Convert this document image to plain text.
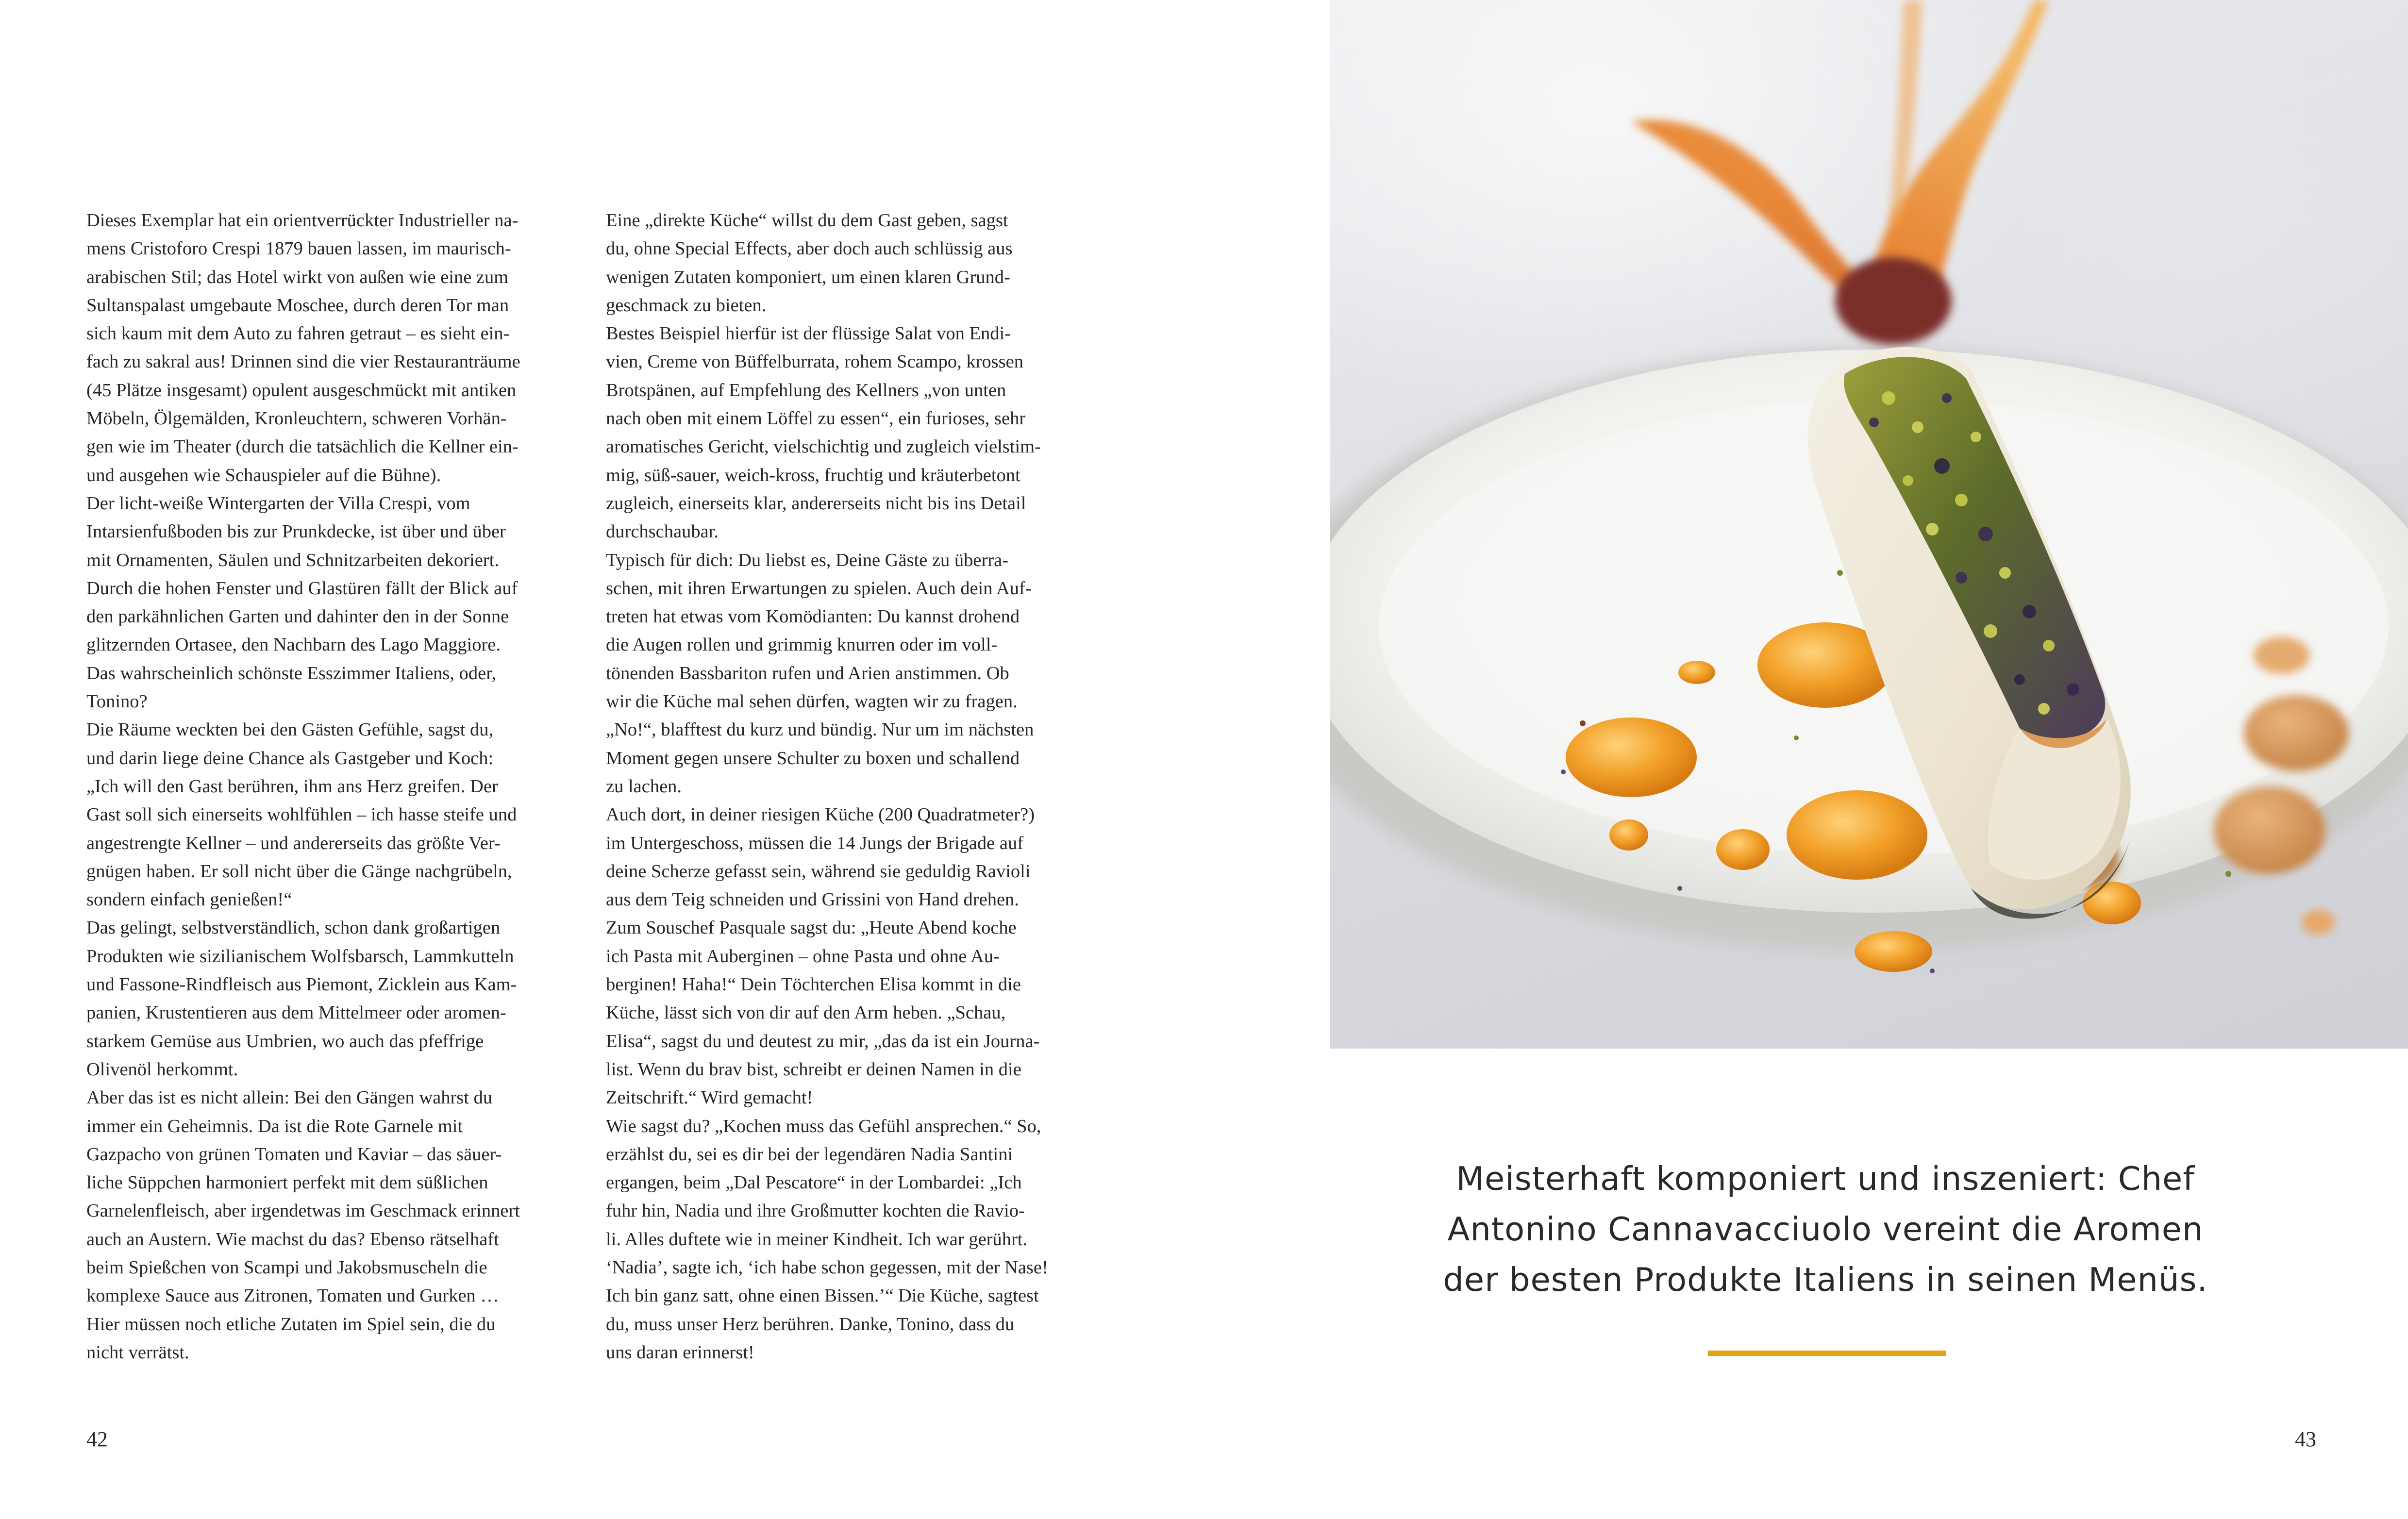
Dieses Exemplar hat ein orientverrückter Industrieller na-
mens Cristoforo Crespi 1879 bauen lassen, im maurisch-
arabischen Stil; das Hotel wirkt von außen wie eine zum
Sultanspalast umgebaute Moschee, durch deren Tor man
sich kaum mit dem Auto zu fahren getraut – es sieht ein-
fach zu sakral aus! Drinnen sind die vier Restauranträume
(45 Plätze insgesamt) opulent ausgeschmückt mit antiken
Möbeln, Ölgemälden, Kronleuchtern, schweren Vorhän-
gen wie im Theater (durch die tatsächlich die Kellner ein-
und ausgehen wie Schauspieler auf die Bühne).
Der licht-weiße Wintergarten der Villa Crespi, vom
Intarsienfußboden bis zur Prunkdecke, ist über und über
mit Ornamenten, Säulen und Schnitzarbeiten dekoriert.
Durch die hohen Fenster und Glastüren fällt der Blick auf
den parkähnlichen Garten und dahinter den in der Sonne
glitzernden Ortasee, den Nachbarn des Lago Maggiore.
Das wahrscheinlich schönste Esszimmer Italiens, oder,
Tonino?
Die Räume weckten bei den Gästen Gefühle, sagst du,
und darin liege deine Chance als Gastgeber und Koch:
„Ich will den Gast berühren, ihm ans Herz greifen. Der
Gast soll sich einerseits wohlfühlen – ich hasse steife und
angestrengte Kellner – und andererseits das größte Ver-
gnügen haben. Er soll nicht über die Gänge nachgrübeln,
sondern einfach genießen!“
Das gelingt, selbstverständlich, schon dank großartigen
Produkten wie sizilianischem Wolfsbarsch, Lammkutteln
und Fassone-Rindfleisch aus Piemont, Zicklein aus Kam-
panien, Krustentieren aus dem Mittelmeer oder aromen-
starkem Gemüse aus Umbrien, wo auch das pfeffrige
Olivenöl herkommt.
Aber das ist es nicht allein: Bei den Gängen wahrst du
immer ein Geheimnis. Da ist die Rote Garnele mit
Gazpacho von grünen Tomaten und Kaviar – das säuer-
liche Süppchen harmoniert perfekt mit dem süßlichen
Garnelenfleisch, aber irgendetwas im Geschmack erinnert
auch an Austern. Wie machst du das? Ebenso rätselhaft
beim Spießchen von Scampi und Jakobsmuscheln die
komplexe Sauce aus Zitronen, Tomaten und Gurken …
Hier müssen noch etliche Zutaten im Spiel sein, die du
nicht verrätst.
Eine „direkte Küche“ willst du dem Gast geben, sagst
du, ohne Special Effects, aber doch auch schlüssig aus
wenigen Zutaten komponiert, um einen klaren Grund-
geschmack zu bieten.
Bestes Beispiel hierfür ist der flüssige Salat von Endi-
vien, Creme von Büffelburrata, rohem Scampo, krossen
Brotspänen, auf Empfehlung des Kellners „von unten
nach oben mit einem Löffel zu essen“, ein furioses, sehr
aromatisches Gericht, vielschichtig und zugleich vielstim-
mig, süß-sauer, weich-kross, fruchtig und kräuterbetont
zugleich, einerseits klar, andererseits nicht bis ins Detail
durchschaubar.
Typisch für dich: Du liebst es, Deine Gäste zu überra-
schen, mit ihren Erwartungen zu spielen. Auch dein Auf-
treten hat etwas vom Komödianten: Du kannst drohend
die Augen rollen und grimmig knurren oder im voll-
tönenden Bassbariton rufen und Arien anstimmen. Ob
wir die Küche mal sehen dürfen, wagten wir zu fragen.
„No!“, blafftest du kurz und bündig. Nur um im nächsten
Moment gegen unsere Schulter zu boxen und schallend
zu lachen.
Auch dort, in deiner riesigen Küche (200 Quadratmeter?)
im Untergeschoss, müssen die 14 Jungs der Brigade auf
deine Scherze gefasst sein, während sie geduldig Ravioli
aus dem Teig schneiden und Grissini von Hand drehen.
Zum Souschef Pasquale sagst du: „Heute Abend koche
ich Pasta mit Auberginen – ohne Pasta und ohne Au-
berginen! Haha!“ Dein Töchterchen Elisa kommt in die
Küche, lässt sich von dir auf den Arm heben. „Schau,
Elisa“, sagst du und deutest zu mir, „das da ist ein Journa-
list. Wenn du brav bist, schreibt er deinen Namen in die
Zeitschrift.“ Wird gemacht!
Wie sagst du? „Kochen muss das Gefühl ansprechen.“ So,
erzählst du, sei es dir bei der legendären Nadia Santini
ergangen, beim „Dal Pescatore“ in der Lombardei: „Ich
fuhr hin, Nadia und ihre Großmutter kochten die Ravio-
li. Alles duftete wie in meiner Kindheit. Ich war gerührt.
‘Nadia’, sagte ich, ‘ich habe schon gegessen, mit der Nase!
Ich bin ganz satt, ohne einen Bissen.’“ Die Küche, sagtest
du, muss unser Herz berühren. Danke, Tonino, dass du
uns daran erinnerst!
42
Meisterhaft komponiert und inszeniert: Chef
Antonino Cannavacciuolo vereint die Aromen
der besten Produkte Italiens in seinen Menüs.
43
